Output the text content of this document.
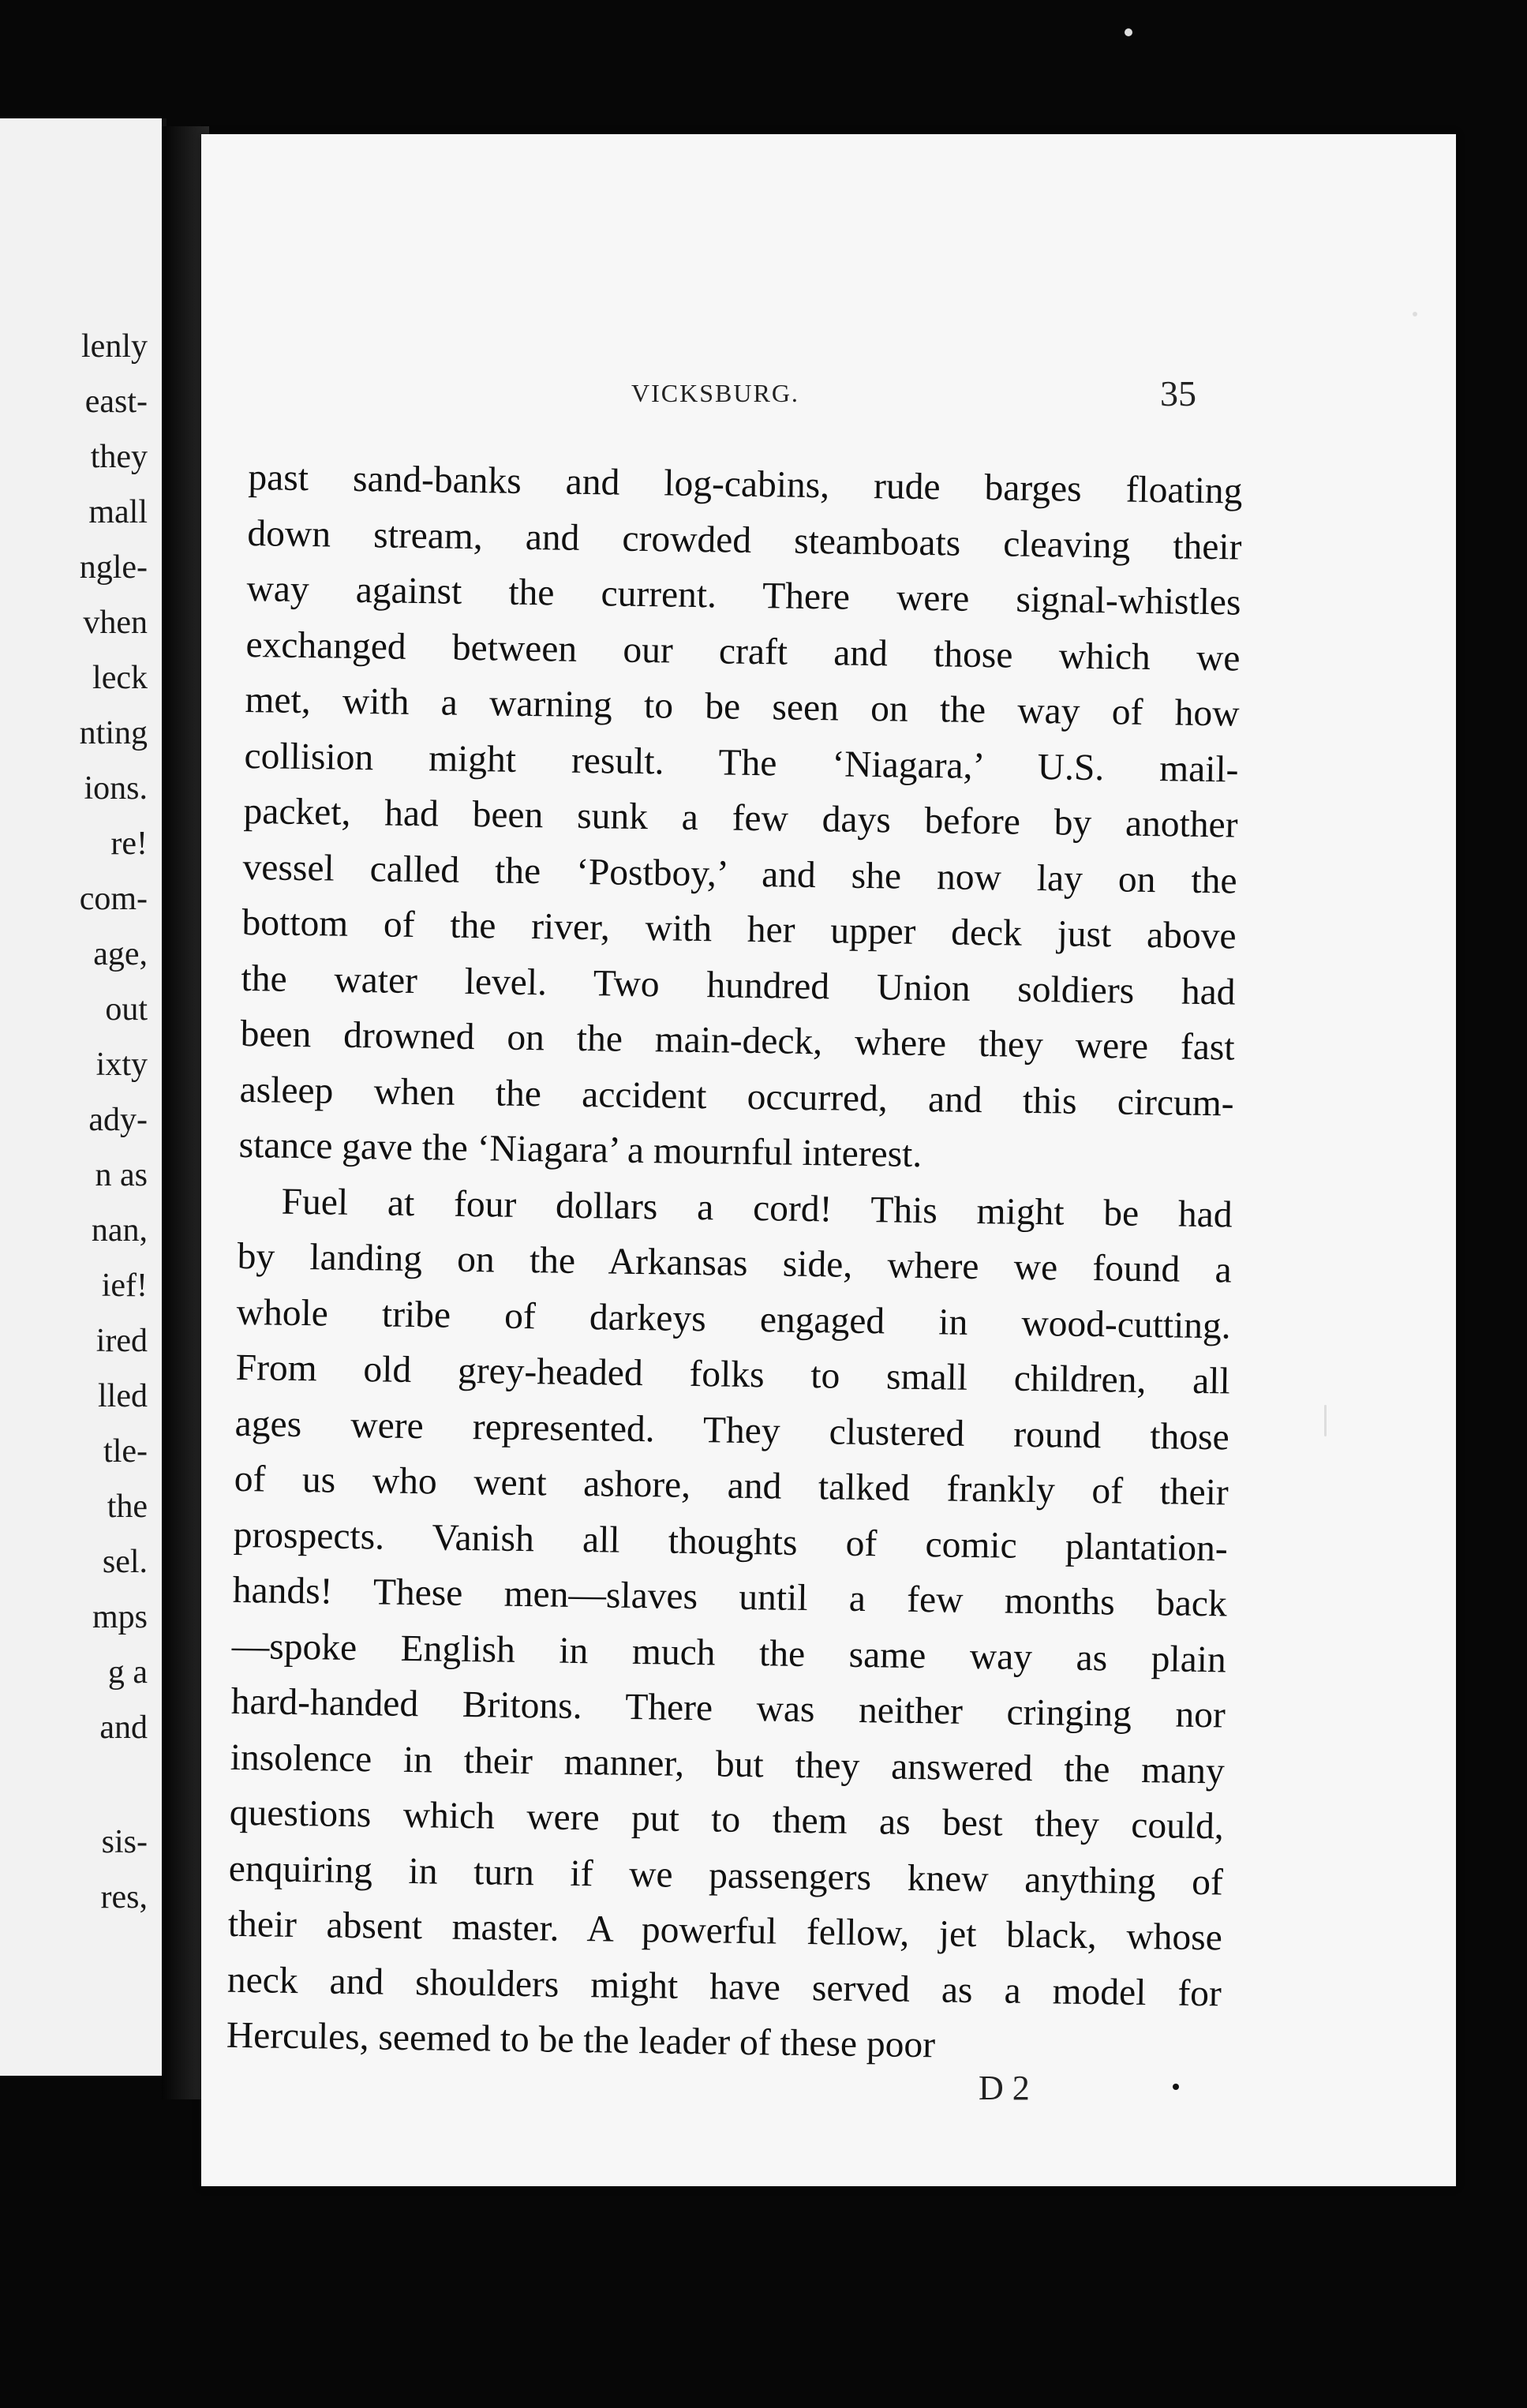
lenly
east-
they
mall
ngle-
vhen
leck
nting
ions.
re!
com-
age,
out
ixty
ady-
n as
nan,
ief!
ired
lled
tle-
the
sel.
mps
g a
and
sis-
res,
VICKSBURG.	35
past sand-banks and log-cabins, rude barges floating
down stream, and crowded steamboats cleaving their
way against the current. There were signal-whistles
exchanged between our craft and those which we
met, with a warning to be seen on the way of how
collision might result. The ‘Niagara,’ U.S. mail-
packet, had been sunk a few days before by another
vessel called the ‘Postboy,’ and she now lay on the
bottom of the river, with her upper deck just above
the water level. Two hundred Union soldiers had
been drowned on the main-deck, where they were fast
asleep when the accident occurred, and this circum-
stance gave the ‘Niagara’ a mournful interest.
Fuel at four dollars a cord! This might be had
by landing on the Arkansas side, where we found a
whole tribe of darkeys engaged in wood-cutting.
From old grey-headed folks to small children, all
ages were represented. They clustered round those
of us who went ashore, and talked frankly of their
prospects. Vanish all thoughts of comic plantation-
hands! These men—slaves until a few months back
—spoke English in much the same way as plain
hard-handed Britons. There was neither cringing nor
insolence in their manner, but they answered the many
questions which were put to them as best they could,
enquiring in turn if we passengers knew anything of
their absent master. A powerful fellow, jet black, whose
neck and shoulders might have served as a model for
Hercules, seemed to be the leader of these poor
D 2
